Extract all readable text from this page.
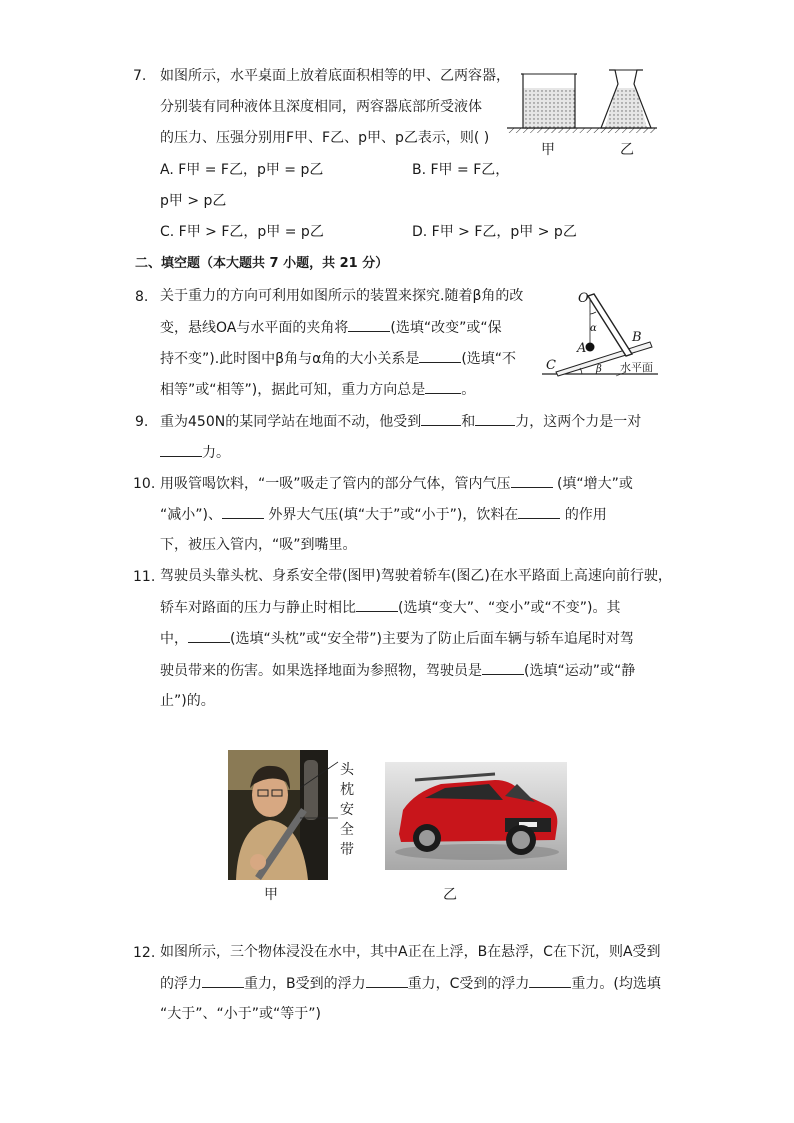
7. 如图所示，水平桌面上放着底面积相等的甲、乙两容器，
分别装有同种液体且深度相同，两容器底部所受液体
的压力、压强分别用F甲、F乙、p甲、p乙表示，则( )
A. F甲 = F乙，p甲 = p乙	B. F甲 = F乙，
p甲 > p乙
C. F甲 > F乙，p甲 = p乙	D. F甲 > F乙，p甲 > p乙
甲	乙
二、填空题（本大题共 7 小题，共 21 分）
8. 关于重力的方向可利用如图所示的装置来探究.随着β角的改
变，悬线OA与水平面的夹角将	(选填“改变”或“保
持不变”).此时图中β角与α角的大小关系是	(选填“不
相等”或“相等”)，据此可知，重力方向总是	。
O
α
A
B
C	β 水平面
9. 重为450N的某同学站在地面不动，他受到	和	力，这两个力是一对
力。
10. 用吸管喝饮料，“一吸”吸走了管内的部分气体，管内气压	(填“增大”或
“减小”)、	外界大气压(填“大于”或“小于”)，饮料在	的作用
下，被压入管内，“吸”到嘴里。
11. 驾驶员头靠头枕、身系安全带(图甲)驾驶着轿车(图乙)在水平路面上高速向前行驶，
轿车对路面的压力与静止时相比	(选填“变大”、“变小”或“不变”)。其
中，	(选填“头枕”或“安全带”)主要为了防止后面车辆与轿车追尾时对驾
驶员带来的伤害。如果选择地面为参照物，驾驶员是	(选填“运动”或“静
止”)的。
头枕
安全带
甲	乙
12. 如图所示，三个物体浸没在水中，其中A正在上浮，B在悬浮，C在下沉，则A受到
的浮力	重力，B受到的浮力	重力，C受到的浮力	重力。(均选填
“大于”、“小于”或“等于”)
